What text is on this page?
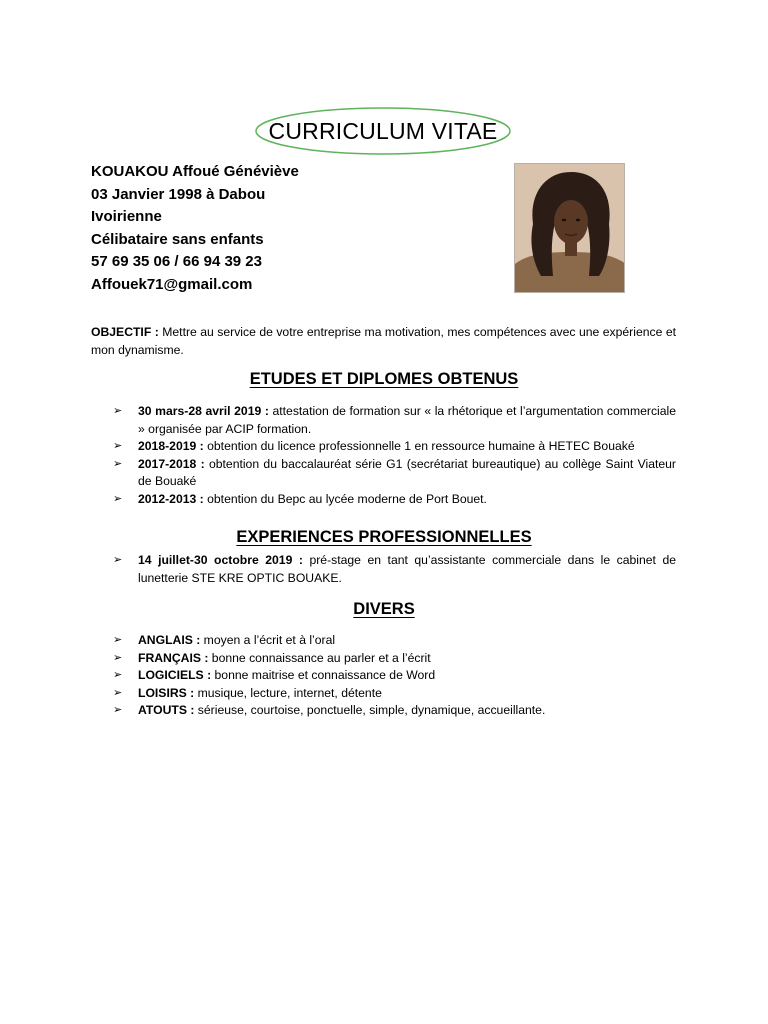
CURRICULUM VITAE
KOUAKOU Affoué Généviève
03 Janvier 1998 à Dabou
Ivoirienne
Célibataire sans enfants
57 69 35 06 / 66 94 39 23
Affouek71@gmail.com
OBJECTIF : Mettre au service de votre entreprise ma motivation, mes compétences avec une expérience et mon dynamisme.
ETUDES ET DIPLOMES OBTENUS
➢ 30 mars-28 avril 2019 : attestation de formation sur « la rhétorique et l’argumentation commerciale » organisée par ACIP formation.
➢ 2018-2019 : obtention du licence professionnelle 1 en ressource humaine à HETEC Bouaké
➢ 2017-2018 : obtention du baccalauréat série G1 (secrétariat bureautique) au collège Saint Viateur de Bouaké
➢ 2012-2013 : obtention du Bepc au lycée moderne de Port Bouet.
EXPERIENCES PROFESSIONNELLES
➢ 14 juillet-30 octobre 2019 : pré-stage en tant qu’assistante commerciale dans le cabinet de lunetterie STE KRE OPTIC BOUAKE.
DIVERS
➢ ANGLAIS : moyen a l’écrit et à l’oral
➢ FRANÇAIS : bonne connaissance au parler et a l’écrit
➢ LOGICIELS : bonne maitrise et connaissance de Word
➢ LOISIRS : musique, lecture, internet, détente
➢ ATOUTS : sérieuse, courtoise, ponctuelle, simple, dynamique, accueillante.
